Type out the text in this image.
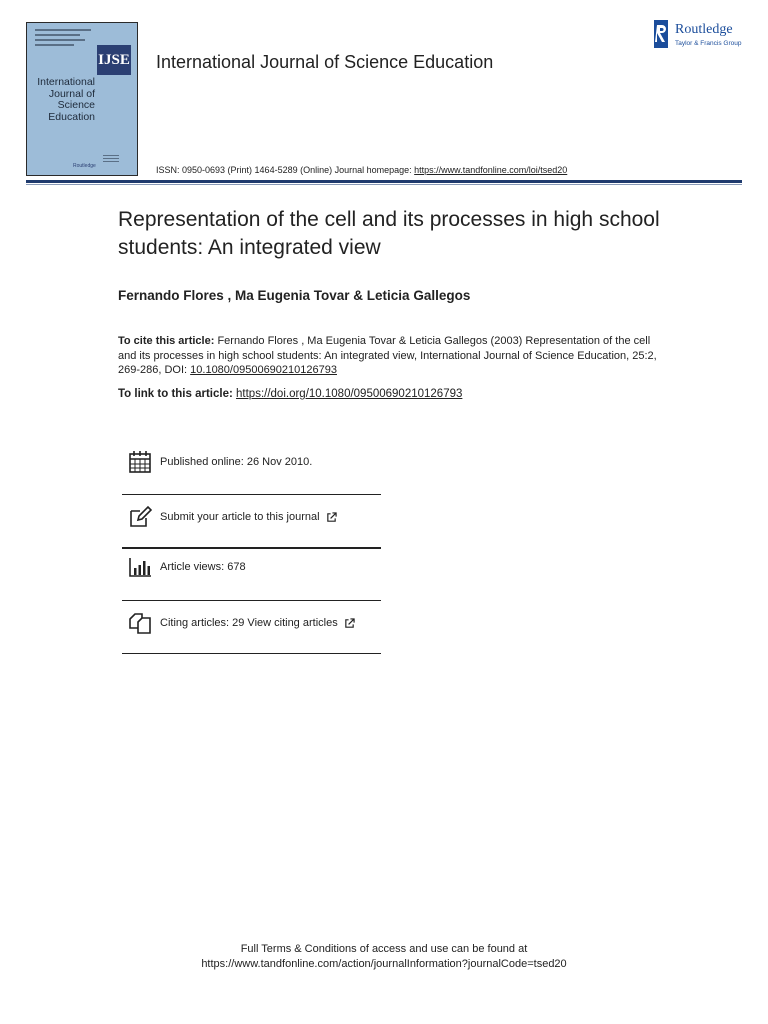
IJSE
International
Journal of
Science
Education
Routledge
International Journal of Science Education
ISSN: 0950-0693 (Print) 1464-5289 (Online) Journal homepage: https://www.tandfonline.com/loi/tsed20
Routledge
Taylor & Francis Group
Representation of the cell and its processes in high school students: An integrated view
Fernando Flores , Ma Eugenia Tovar & Leticia Gallegos
To cite this article: Fernando Flores , Ma Eugenia Tovar & Leticia Gallegos (2003) Representation of the cell and its processes in high school students: An integrated view, International Journal of Science Education, 25:2, 269-286, DOI: 10.1080/09500690210126793
To link to this article: https://doi.org/10.1080/09500690210126793
Published online: 26 Nov 2010.
Submit your article to this journal
Article views: 678
Citing articles: 29 View citing articles
Full Terms & Conditions of access and use can be found at
https://www.tandfonline.com/action/journalInformation?journalCode=tsed20
